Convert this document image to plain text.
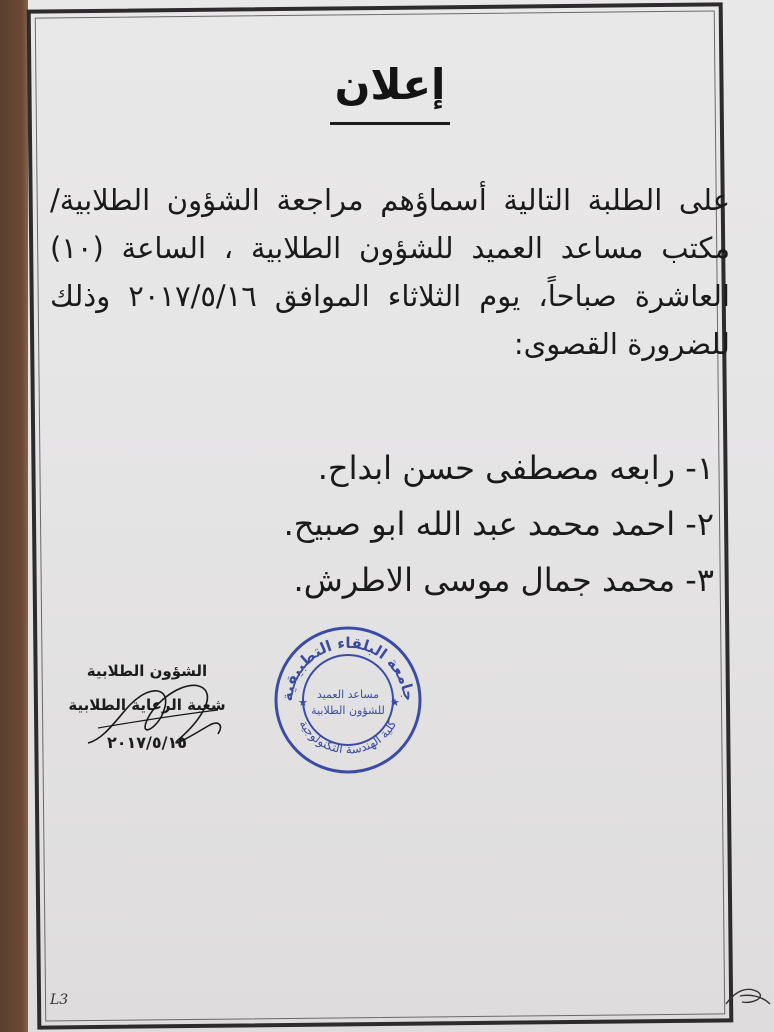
إعلان

على الطلبة التالية أسماؤهم مراجعة الشؤون الطلابية/ مكتب مساعد العميد للشؤون الطلابية ، الساعة (١٠) العاشرة صباحاً، يوم الثلاثاء الموافق ٢٠١٧/٥/١٦ وذلك للضرورة القصوى:

١- رابعه مصطفى حسن ابداح.
٢- احمد محمد عبد الله ابو صبيح.
٣- محمد جمال موسى الاطرش.
الشؤون الطلابية
شعبة الرعاية الطلابية
٢٠١٧/٥/١٥
جامعة البلقاء التطبيقية
كلية الهندسة التكنولوجية
★	★
مساعد العميد
للشؤون الطلابية
L3
